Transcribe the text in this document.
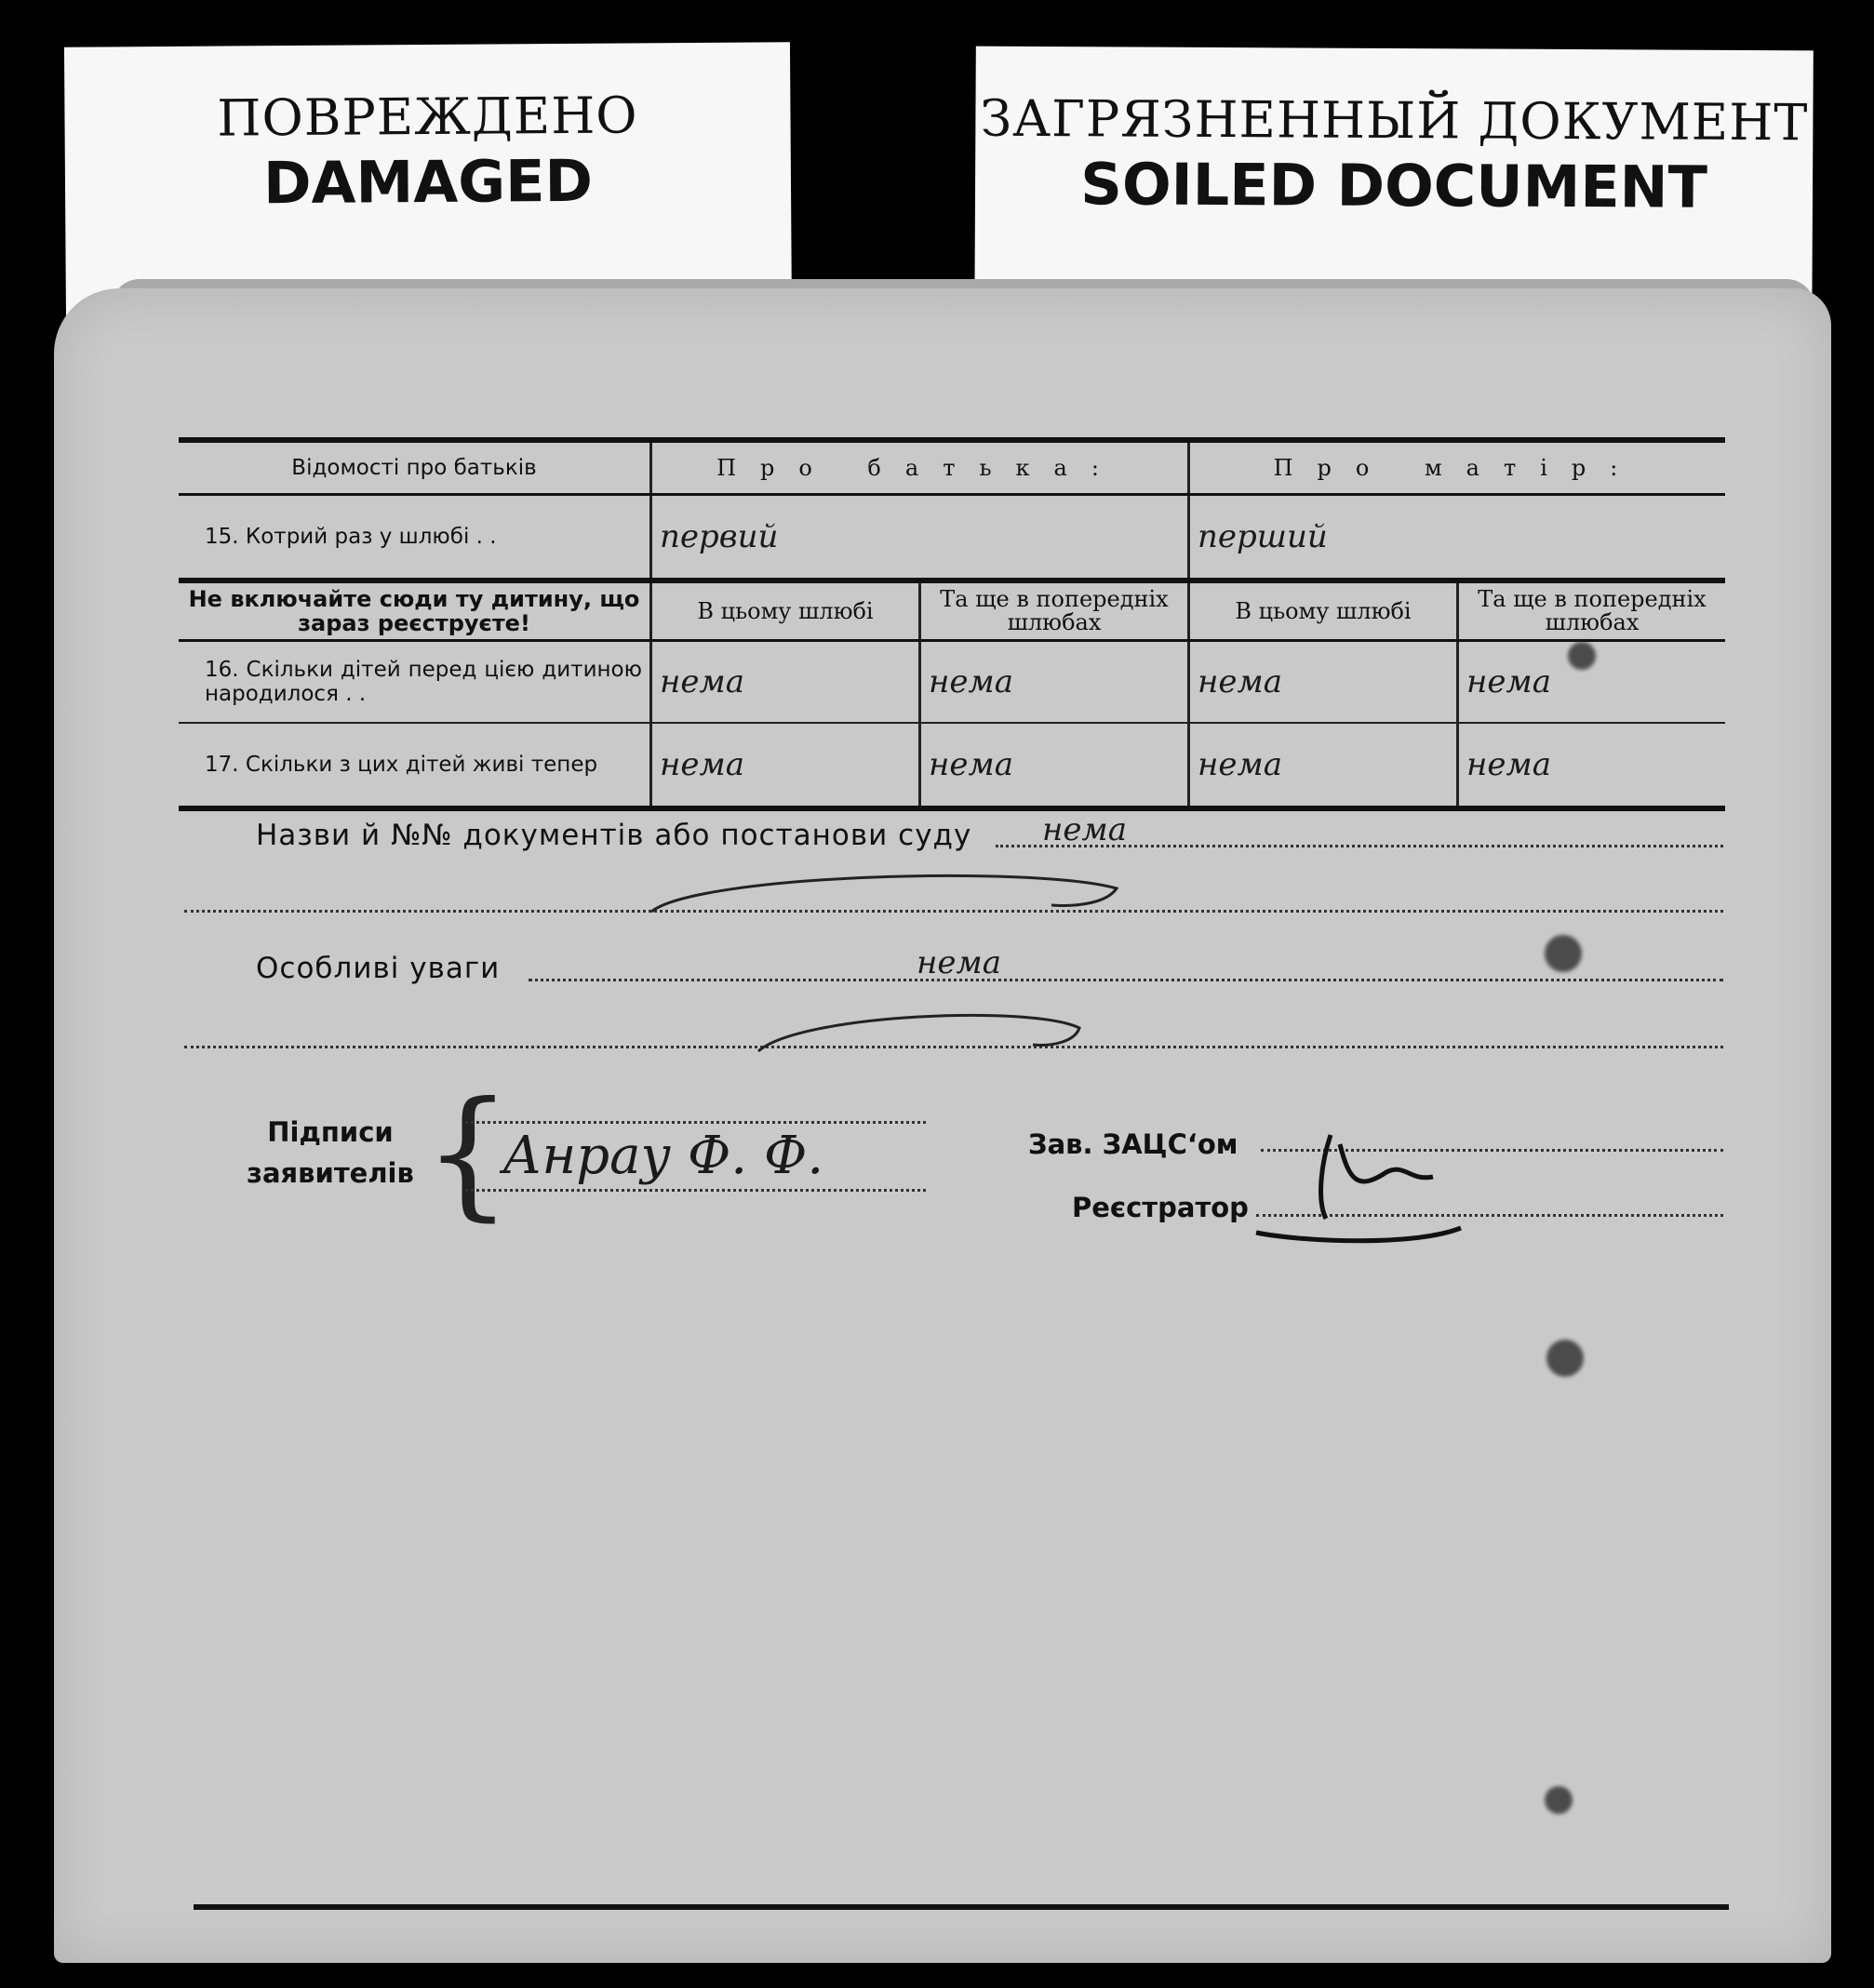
ПОВРЕЖДЕНО
DAMAGED
ЗАГРЯЗНЕННЫЙ ДОКУМЕНТ
SOILED DOCUMENT
Відомості про батьків	Про батька:		Про матір:	
15. Котрий раз у шлюбі . .	первий		перший	
Не включайте сюди ту дитину, що зараз реєструєте!	В цьому шлюбі	Та ще в попередніх шлюбах	В цьому шлюбі	Та ще в попередніх шлюбах
16. Скільки дітей перед цією дитиною народилося . .	нема	нема	нема	нема
17. Скільки з цих дітей живі тепер	нема	нема	нема	нема
Назви й №№ документів або постанови суду	нема
Особливі уваги	нема
Підписи заявителів {
Анрау Ф. Ф.	Зав. ЗАЦС‘ом
Реєстратор
